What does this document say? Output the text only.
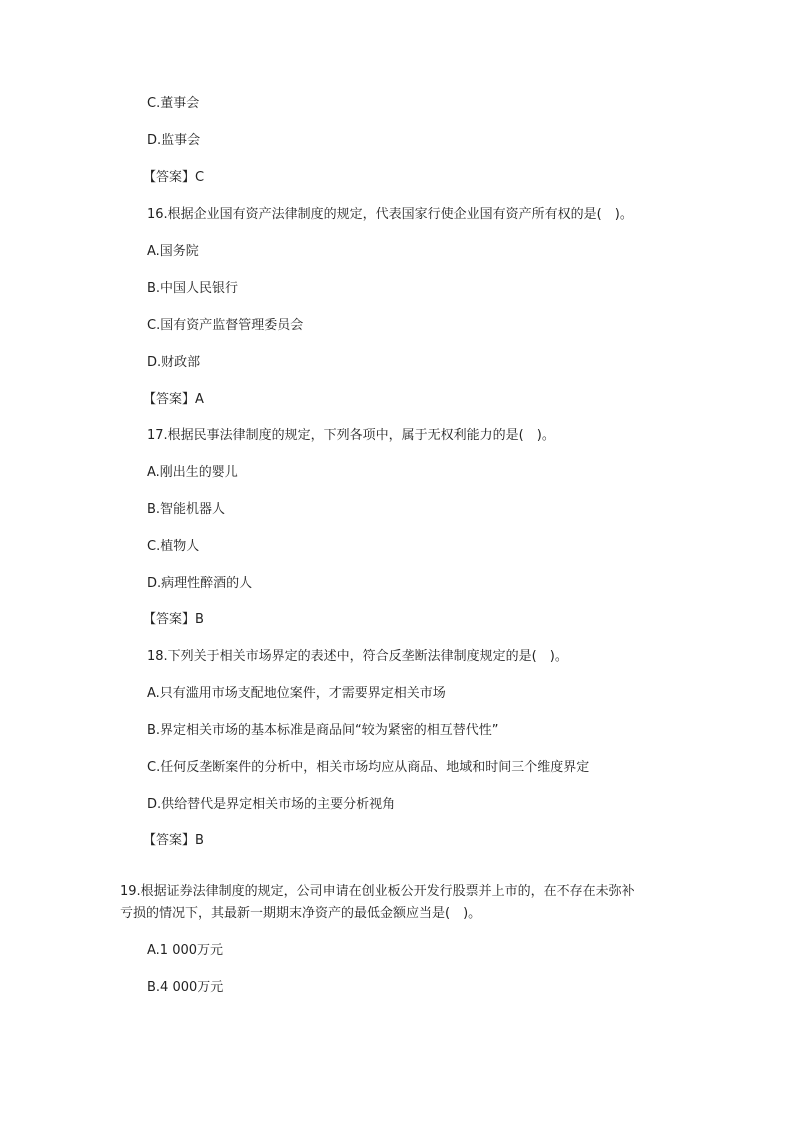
C.董事会
D.监事会
【答案】C
16.根据企业国有资产法律制度的规定，代表国家行使企业国有资产所有权的是(　)。
A.国务院
B.中国人民银行
C.国有资产监督管理委员会
D.财政部
【答案】A
17.根据民事法律制度的规定，下列各项中，属于无权利能力的是(　)。
A.刚出生的婴儿
B.智能机器人
C.植物人
D.病理性醉酒的人
【答案】B
18.下列关于相关市场界定的表述中，符合反垄断法律制度规定的是(　)。
A.只有滥用市场支配地位案件，才需要界定相关市场
B.界定相关市场的基本标准是商品间“较为紧密的相互替代性”
C.任何反垄断案件的分析中，相关市场均应从商品、地域和时间三个维度界定
D.供给替代是界定相关市场的主要分析视角
【答案】B
19.根据证券法律制度的规定，公司申请在创业板公开发行股票并上市的，在不存在未弥补
亏损的情况下，其最新一期期末净资产的最低金额应当是(　)。
A.1 000万元
B.4 000万元
